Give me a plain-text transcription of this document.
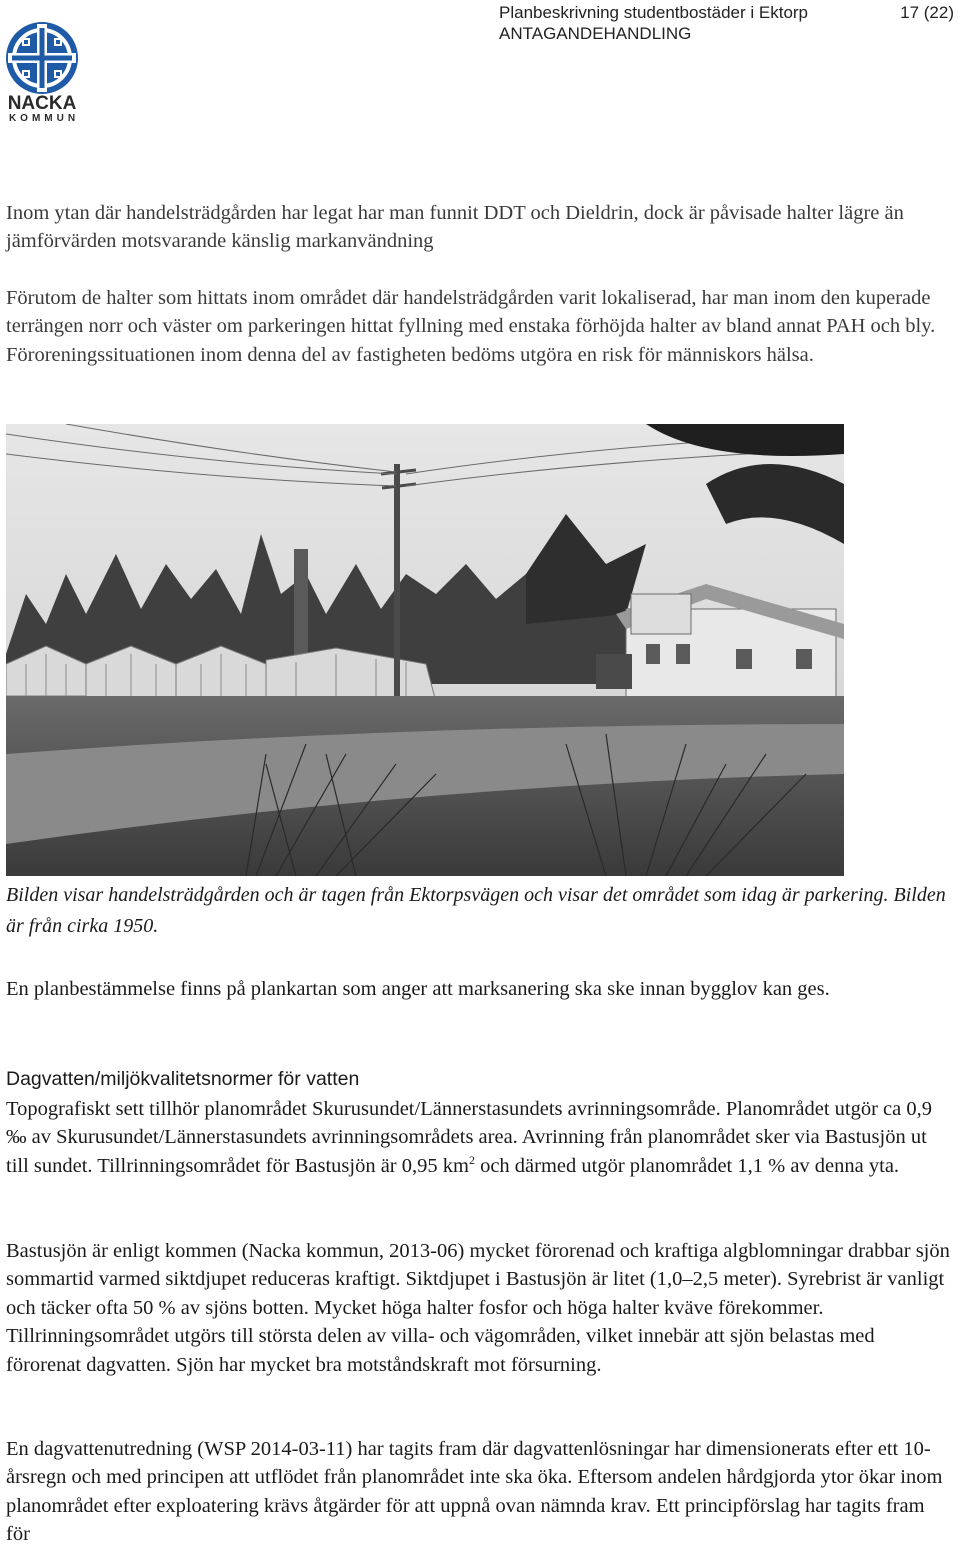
Planbeskrivning studentbostäder i Ektorp
ANTAGANDEHANDLING
17 (22)
NACKA
KOMMUN

Inom ytan där handelsträdgården har legat har man funnit DDT och Dieldrin, dock är påvisade halter lägre än jämförvärden motsvarande känslig markanvändning

Förutom de halter som hittats inom området där handelsträdgården varit lokaliserad, har man inom den kuperade terrängen norr och väster om parkeringen hittat fyllning med enstaka förhöjda halter av bland annat PAH och bly. Föroreningssituationen inom denna del av fastigheten bedöms utgöra en risk för människors hälsa.

Bilden visar handelsträdgården och är tagen från Ektorpsvägen och visar det området som idag är parkering. Bilden är från cirka 1950.

En planbestämmelse finns på plankartan som anger att marksanering ska ske innan bygglov kan ges.

Dagvatten/miljökvalitetsnormer för vatten

Topografiskt sett tillhör planområdet Skurusundet/Lännerstasundets avrinningsområde. Planområdet utgör ca 0,9 ‰ av Skurusundet/Lännerstasundets avrinningsområdets area. Avrinning från planområdet sker via Bastusjön ut till sundet. Tillrinningsområdet för Bastusjön är 0,95 $km^2$ och därmed utgör planområdet 1,1 % av denna yta.

Bastusjön är enligt kommen (Nacka kommun, 2013-06) mycket förorenad och kraftiga algblomningar drabbar sjön sommartid varmed siktdjupet reduceras kraftigt. Siktdjupet i Bastusjön är litet (1,0–2,5 meter). Syrebrist är vanligt och täcker ofta 50 % av sjöns botten. Mycket höga halter fosfor och höga halter kväve förekommer. Tillrinningsområdet utgörs till största delen av villa- och vägområden, vilket innebär att sjön belastas med förorenat dagvatten. Sjön har mycket bra motståndskraft mot försurning.

En dagvattenutredning (WSP 2014-03-11) har tagits fram där dagvattenlösningar har dimensionerats efter ett 10-årsregn och med principen att utflödet från planområdet inte ska öka. Eftersom andelen hårdgjorda ytor ökar inom planområdet efter exploatering krävs åtgärder för att uppnå ovan nämnda krav. Ett principförslag har tagits fram för
